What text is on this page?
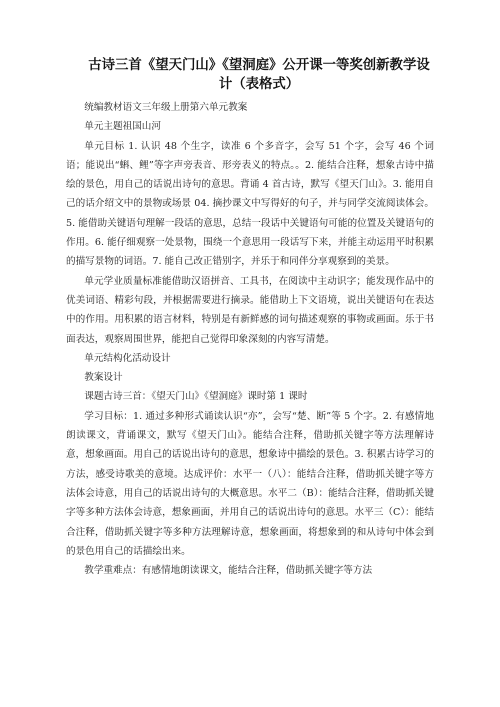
古诗三首《望天门山》《望洞庭》公开课一等奖创新教学设计（表格式）

统编教材语文三年级上册第六单元教案

单元主题祖国山河

单元目标 1. 认识 48 个生字，读准 6 个多音字，会写 51 个字，会写 46 个词语；能说出“蝌、鲤”等字声旁表音、形旁表义的特点。。2. 能结合注释，想象古诗中描绘的景色，用自己的话说出诗句的意思。背诵 4 首古诗，默写《望天门山》。3. 能用自己的话介绍文中的景物或场景 04. 摘抄课文中写得好的句子，并与同学交流阅读体会。5. 能借助关键语句理解一段话的意思，总结一段话中关键语句可能的位置及关键语句的作用。6. 能仔细观察一处景物，围绕一个意思用一段话写下来，并能主动运用平时积累的描写景物的词语。7. 能自己改正错别字，并乐于和同伴分享观察到的美景。

单元学业质量标准能借助汉语拼音、工具书，在阅读中主动识字；能发现作品中的优美词语、精彩句段，并根据需要进行摘录。能借助上下文语境，说出关键语句在表达中的作用。用积累的语言材料，特别是有新鲜感的词句描述观察的事物或画面。乐于书面表达，观察周围世界，能把自己觉得印象深刻的内容写清楚。

单元结构化活动设计

教案设计

课题古诗三首：《望天门山》《望洞庭》课时第 1 课时

学习目标：1. 通过多种形式诵读认识“亦”，会写“楚、断”等 5 个字。2. 有感情地朗读课文，背诵课文，默写《望天门山》。能结合注释，借助抓关键字等方法理解诗意，想象画面。用自己的话说出诗句的意思，想象诗中描绘的景色。3. 积累古诗学习的方法，感受诗歌美的意境。达成评价：水平一（八）：能结合注释，借助抓关键字等方法体会诗意，用自己的话说出诗句的大概意思。水平二（B）：能结合注释，借助抓关键字等多种方法体会诗意，想象画面，并用自己的话说出诗句的意思。水平三（C）：能结合注释，借助抓关键字等多种方法理解诗意，想象画面，将想象到的和从诗句中体会到的景色用自己的话描绘出来。

教学重难点：有感情地朗读课文，能结合注释，借助抓关键字等方法
